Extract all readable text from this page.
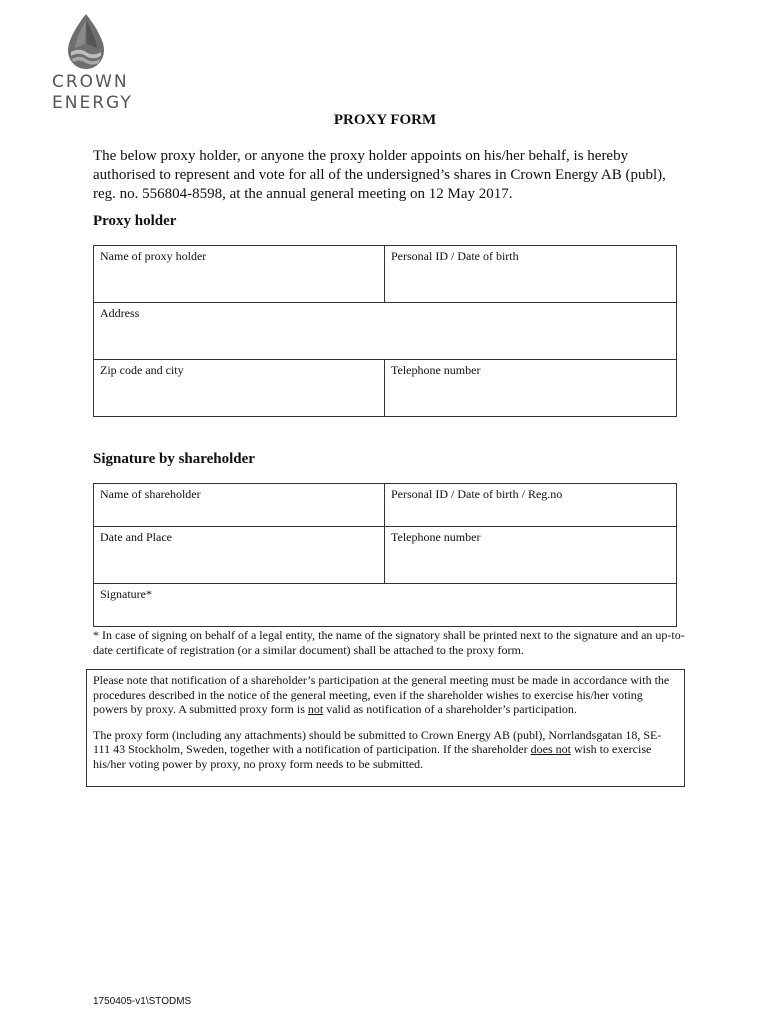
CROWN
ENERGY
PROXY FORM
The below proxy holder, or anyone the proxy holder appoints on his/her behalf, is hereby authorised to represent and vote for all of the undersigned’s shares in Crown Energy AB (publ), reg. no. 556804-8598, at the annual general meeting on 12 May 2017.
Proxy holder
Name of proxy holder	Personal ID / Date of birth
Address	
Zip code and city	Telephone number
Signature by shareholder
Name of shareholder	Personal ID / Date of birth / Reg.no
Date and Place	Telephone number
Signature*	
* In case of signing on behalf of a legal entity, the name of the signatory shall be printed next to the signature and an up-to-date certificate of registration (or a similar document) shall be attached to the proxy form.

Please note that notification of a shareholder’s participation at the general meeting must be made in accordance with the procedures described in the notice of the general meeting, even if the shareholder wishes to exercise his/her voting powers by proxy. A submitted proxy form is not valid as notification of a shareholder’s participation.

The proxy form (including any attachments) should be submitted to Crown Energy AB (publ), Norrlandsgatan 18, SE-111 43 Stockholm, Sweden, together with a notification of participation. If the shareholder does not wish to exercise his/her voting power by proxy, no proxy form needs to be submitted.

1750405-v1\STODMS
